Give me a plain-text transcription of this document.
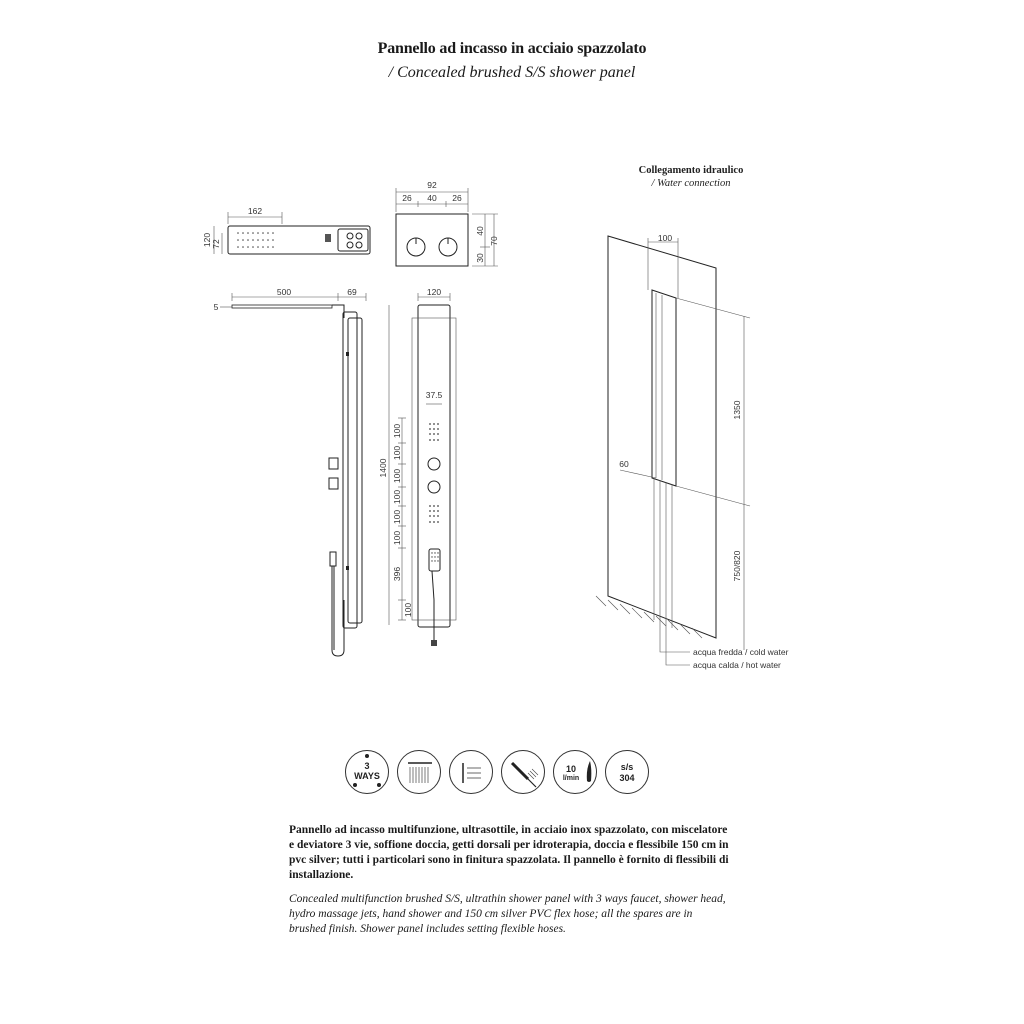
Pannello ad incasso in acciaio spazzolato
/ Concealed brushed S/S shower panel
162
120 72
92
26 40 26
40
30
70
500	69
5
120
1400
37.5
100
100
100
100
100
100
396
100
Collegamento idraulico
/ Water connection
100
1350
750/820
60
acqua fredda / cold water
acqua calda / hot water
3
WAYS
10
l/min
s/s
304
Pannello ad incasso multifunzione, ultrasottile, in acciaio inox spazzolato, con miscelatore e deviatore 3 vie, soffione doccia, getti dorsali per idroterapia, doccia e flessibile 150 cm in pvc silver; tutti i particolari sono in finitura spazzolata. Il pannello è fornito di flessibili di installazione.
Concealed multifunction brushed S/S, ultrathin shower panel with 3 ways faucet, shower head, hydro massage jets, hand shower and 150 cm silver PVC flex hose; all the spares are in brushed finish. Shower panel includes setting flexible hoses.
